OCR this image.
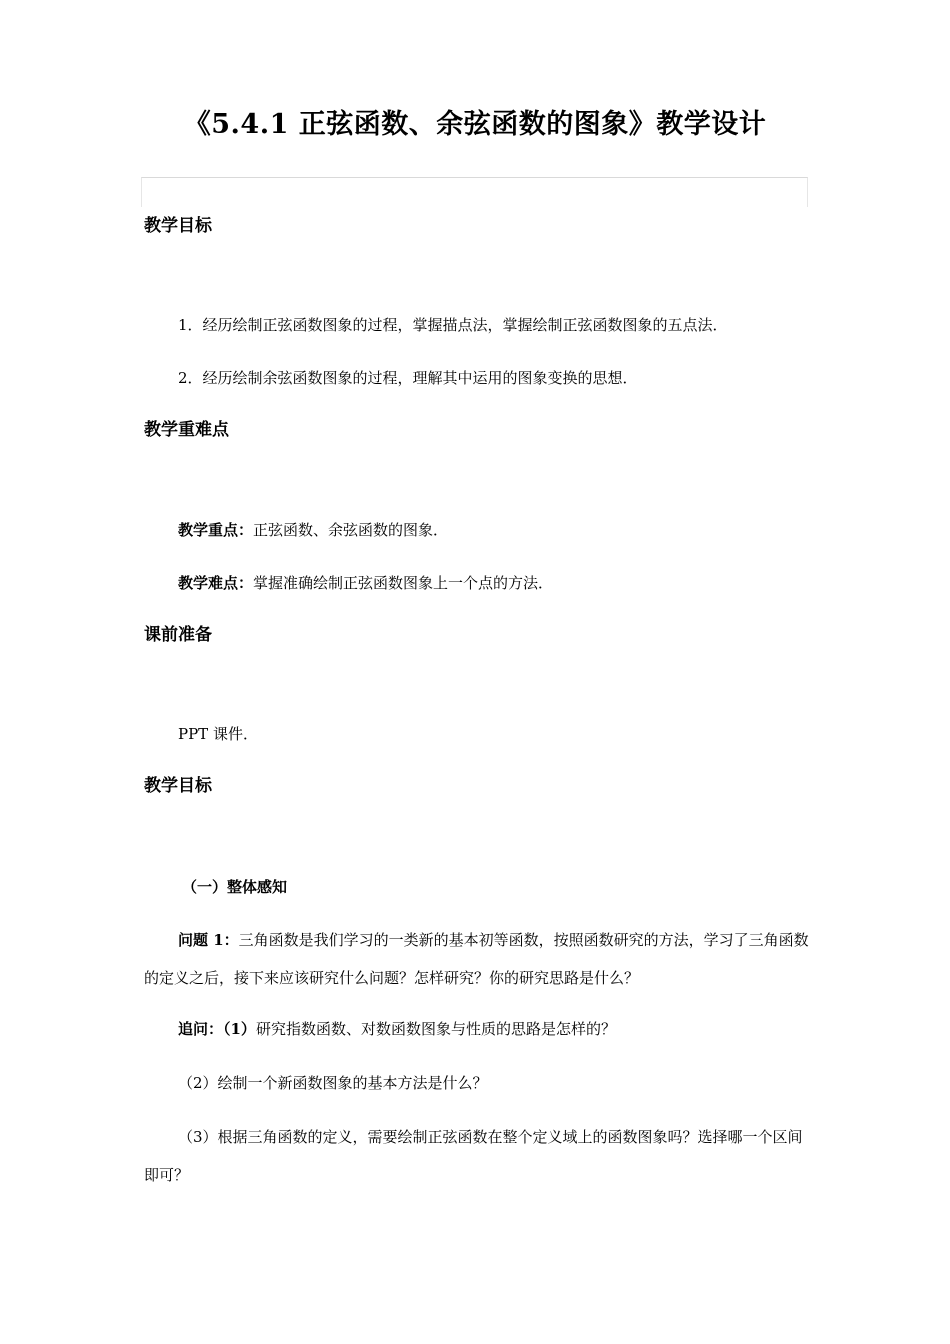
《5.4.1 正弦函数、余弦函数的图象》教学设计
教学目标
1．经历绘制正弦函数图象的过程，掌握描点法，掌握绘制正弦函数图象的五点法．
2．经历绘制余弦函数图象的过程，理解其中运用的图象变换的思想．
教学重难点
教学重点：正弦函数、余弦函数的图象．
教学难点：掌握准确绘制正弦函数图象上一个点的方法．
课前准备
PPT 课件．
教学目标
（一）整体感知
问题 1：三角函数是我们学习的一类新的基本初等函数，按照函数研究的方法，学习了三角函数的定义之后，接下来应该研究什么问题？怎样研究？你的研究思路是什么？
追问：（1）研究指数函数、对数函数图象与性质的思路是怎样的？
（2）绘制一个新函数图象的基本方法是什么？
（3）根据三角函数的定义，需要绘制正弦函数在整个定义域上的函数图象吗？选择哪一个区间即可？
